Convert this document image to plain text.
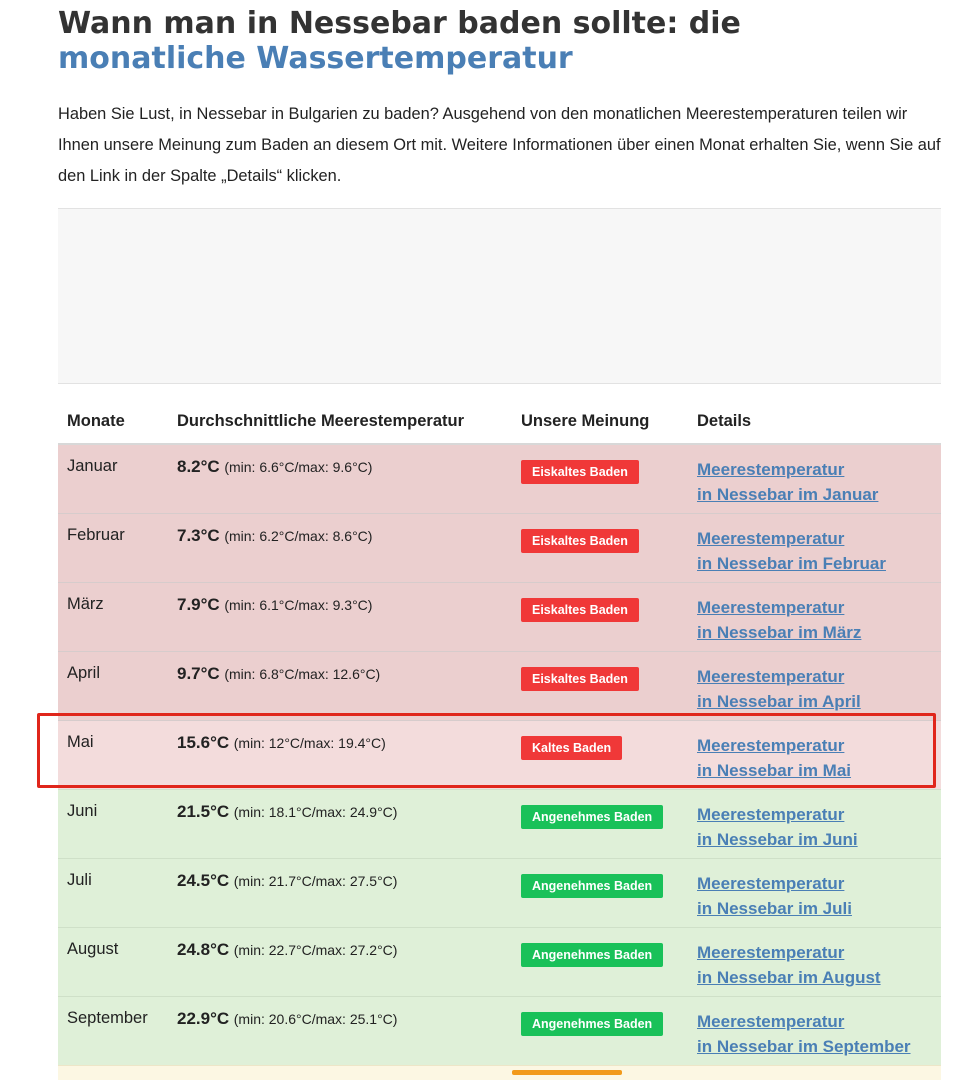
Wann man in Nessebar baden sollte: die monatliche Wassertemperatur

Haben Sie Lust, in Nessebar in Bulgarien zu baden? Ausgehend von den monatlichen Meerestemperaturen teilen wir Ihnen unsere Meinung zum Baden an diesem Ort mit. Weitere Informationen über einen Monat erhalten Sie, wenn Sie auf den Link in der Spalte „Details“ klicken.

Monate	Durchschnittliche Meerestemperatur	Unsere Meinung	Details
Januar	8.2°C (min: 6.6°C/max: 9.6°C)	Eiskaltes Baden	Meerestemperatur
in Nessebar im Januar

Februar	7.3°C (min: 6.2°C/max: 8.6°C)	Eiskaltes Baden	Meerestemperatur
in Nessebar im Februar

März	7.9°C (min: 6.1°C/max: 9.3°C)	Eiskaltes Baden	Meerestemperatur
in Nessebar im März

April	9.7°C (min: 6.8°C/max: 12.6°C)	Eiskaltes Baden	Meerestemperatur
in Nessebar im April

Mai	15.6°C (min: 12°C/max: 19.4°C)	Kaltes Baden	Meerestemperatur
in Nessebar im Mai

Juni	21.5°C (min: 18.1°C/max: 24.9°C)	Angenehmes Baden	Meerestemperatur
in Nessebar im Juni

Juli	24.5°C (min: 21.7°C/max: 27.5°C)	Angenehmes Baden	Meerestemperatur
in Nessebar im Juli

August	24.8°C (min: 22.7°C/max: 27.2°C)	Angenehmes Baden	Meerestemperatur
in Nessebar im August

September	22.9°C (min: 20.6°C/max: 25.1°C)	Angenehmes Baden	Meerestemperatur
in Nessebar im September
